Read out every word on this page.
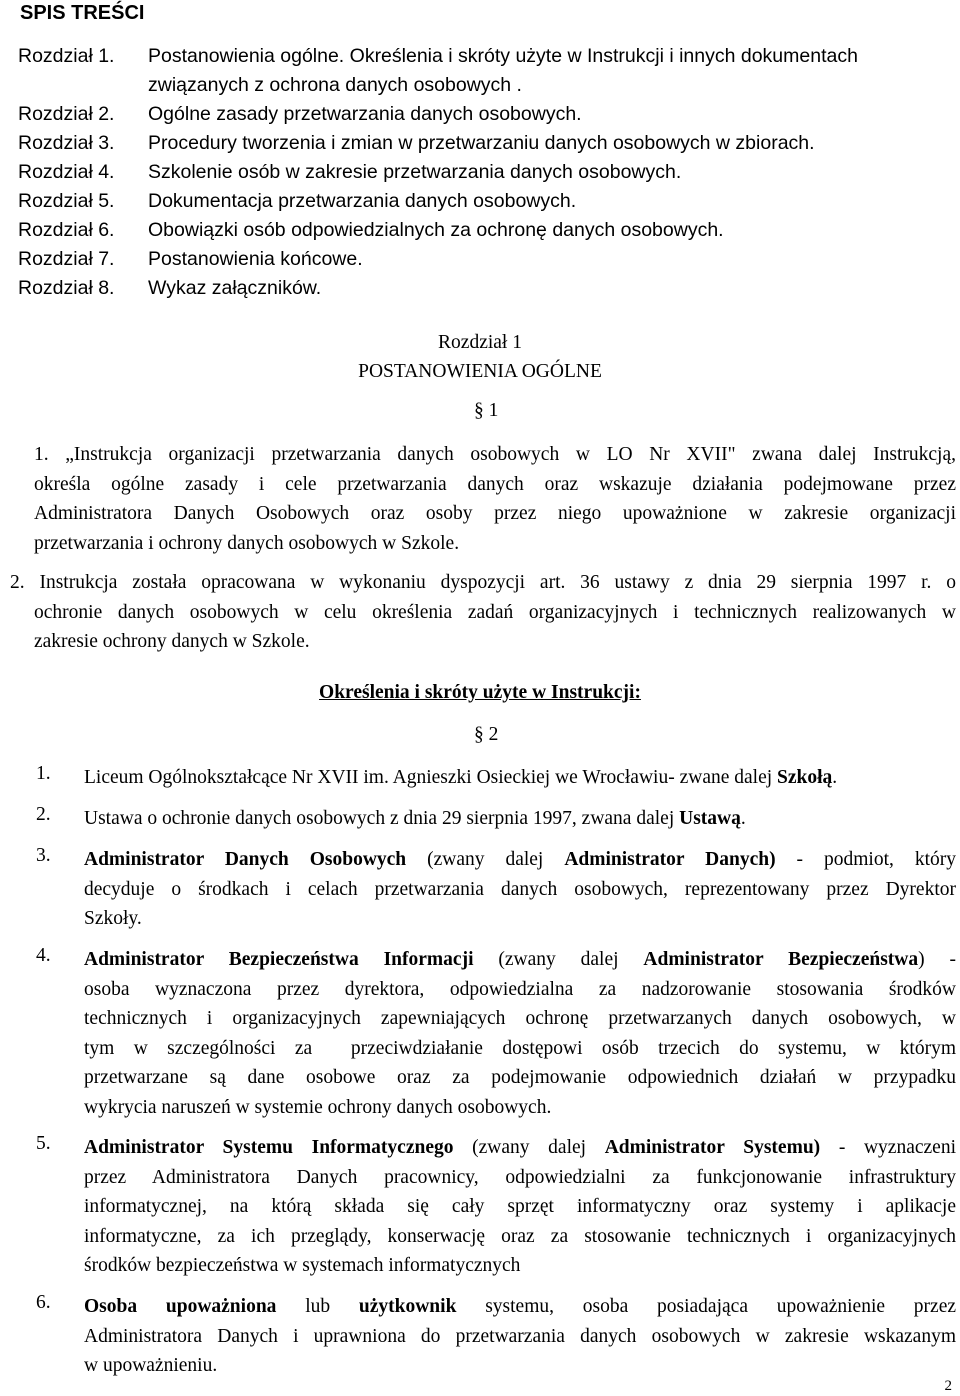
SPIS TREŚCI
Rozdział 1. Postanowienia ogólne. Określenia i skróty użyte w Instrukcji i innych dokumentach
związanych z ochrona danych osobowych .
Rozdział 2. Ogólne zasady przetwarzania danych osobowych.
Rozdział 3. Procedury tworzenia i zmian w przetwarzaniu danych osobowych w zbiorach.
Rozdział 4. Szkolenie osób w zakresie przetwarzania danych osobowych.
Rozdział 5. Dokumentacja przetwarzania danych osobowych.
Rozdział 6. Obowiązki osób odpowiedzialnych za ochronę danych osobowych.
Rozdział 7. Postanowienia końcowe.
Rozdział 8. Wykaz załączników.
Rozdział 1
POSTANOWIENIA OGÓLNE
§ 1
1. „Instrukcja organizacji przetwarzania danych osobowych w LO Nr XVII" zwana dalej Instrukcją,
określa ogólne zasady i cele przetwarzania danych oraz wskazuje działania podejmowane przez
Administratora Danych Osobowych oraz osoby przez niego upoważnione w zakresie organizacji
przetwarzania i ochrony danych osobowych w Szkole.
2. Instrukcja została opracowana w wykonaniu dyspozycji art. 36 ustawy z dnia 29 sierpnia 1997 r. o
ochronie danych osobowych w celu określenia zadań organizacyjnych i technicznych realizowanych w
zakresie ochrony danych w Szkole.
Określenia i skróty użyte w Instrukcji:
§ 2
1. Liceum Ogólnokształcące Nr XVII im. Agnieszki Osieckiej we Wrocławiu- zwane dalej Szkołą.
2. Ustawa o ochronie danych osobowych z dnia 29 sierpnia 1997, zwana dalej Ustawą.
3. Administrator Danych Osobowych (zwany dalej Administrator Danych) - podmiot, który
decyduje o środkach i celach przetwarzania danych osobowych, reprezentowany przez Dyrektor
Szkoły.
4. Administrator Bezpieczeństwa Informacji (zwany dalej Administrator Bezpieczeństwa) -
osoba wyznaczona przez dyrektora, odpowiedzialna za nadzorowanie stosowania środków
technicznych i organizacyjnych zapewniających ochronę przetwarzanych danych osobowych, w
tym w szczególności za  przeciwdziałanie dostępowi osób trzecich do systemu, w którym
przetwarzane są dane osobowe oraz za podejmowanie odpowiednich działań w przypadku
wykrycia naruszeń w systemie ochrony danych osobowych.
5. Administrator Systemu Informatycznego (zwany dalej Administrator Systemu) - wyznaczeni
przez Administratora Danych pracownicy, odpowiedzialni za funkcjonowanie infrastruktury
informatycznej, na którą składa się cały sprzęt informatyczny oraz systemy i aplikacje
informatyczne, za ich przeglądy, konserwację oraz za stosowanie technicznych i organizacyjnych
środków bezpieczeństwa w systemach informatycznych
6. Osoba upoważniona lub użytkownik systemu, osoba posiadająca upoważnienie przez
Administratora Danych i uprawniona do przetwarzania danych osobowych w zakresie wskazanym
w upoważnieniu.
2
